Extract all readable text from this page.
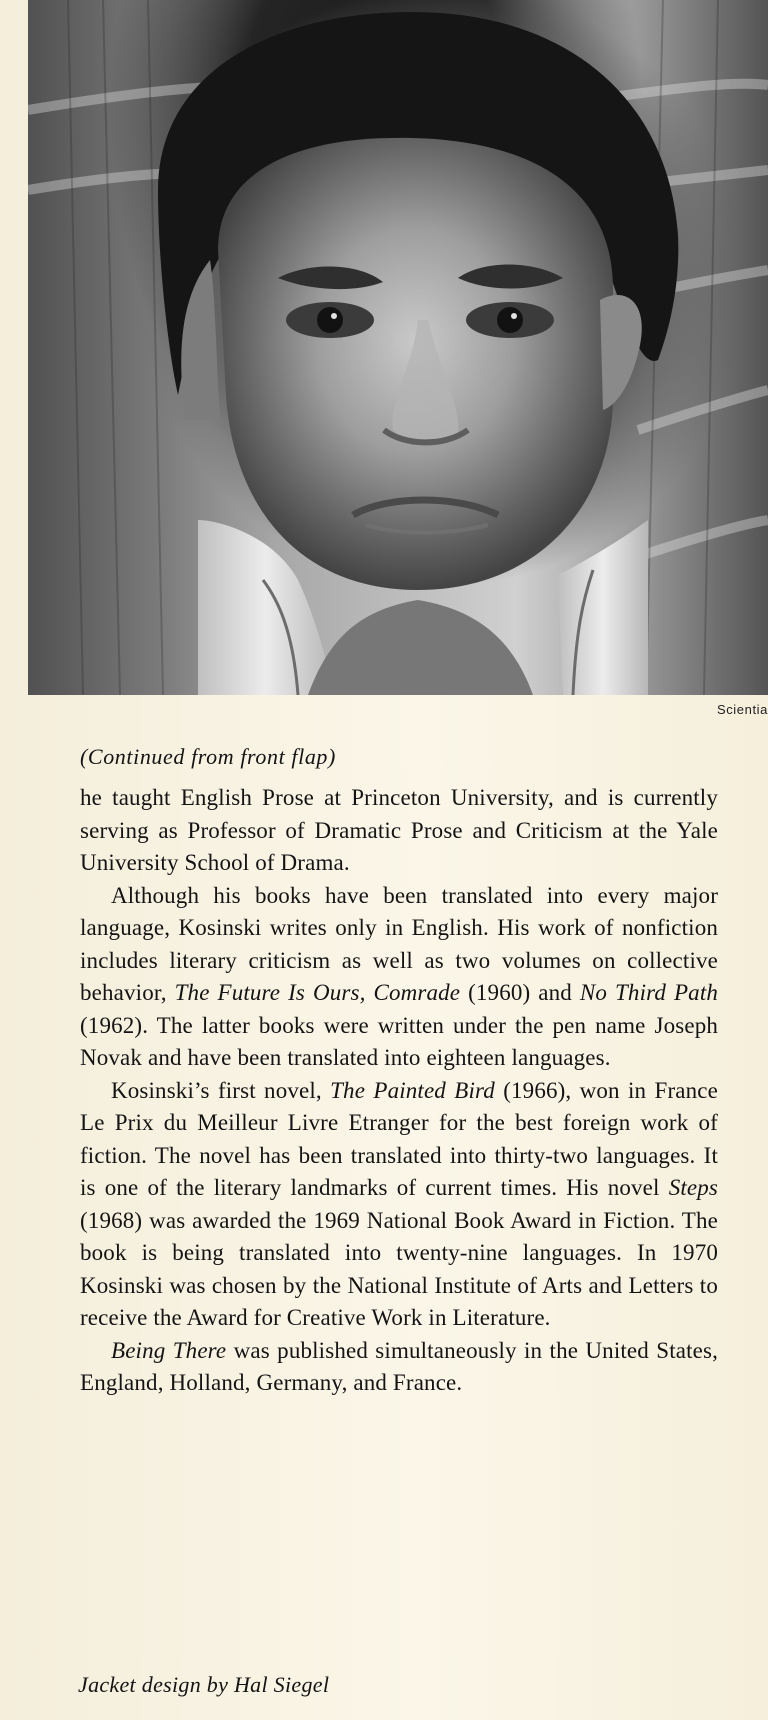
Scientia

(Continued from front flap)

he taught English Prose at Princeton University, and is currently serving as Professor of Dramatic Prose and Criticism at the Yale University School of Drama.

Although his books have been translated into every major language, Kosinski writes only in English. His work of nonfiction includes literary criticism as well as two volumes on collective behavior, The Future Is Ours, Comrade (1960) and No Third Path (1962). The latter books were written under the pen name Joseph Novak and have been translated into eighteen languages.

Kosinski’s first novel, The Painted Bird (1966), won in France Le Prix du Meilleur Livre Etranger for the best foreign work of fiction. The novel has been translated into thirty-two languages. It is one of the literary landmarks of current times. His novel Steps (1968) was awarded the 1969 National Book Award in Fiction. The book is being translated into twenty-nine languages. In 1970 Kosinski was chosen by the National Institute of Arts and Letters to receive the Award for Creative Work in Literature.

Being There was published simultaneously in the United States, England, Holland, Germany, and France.

Jacket design by Hal Siegel
